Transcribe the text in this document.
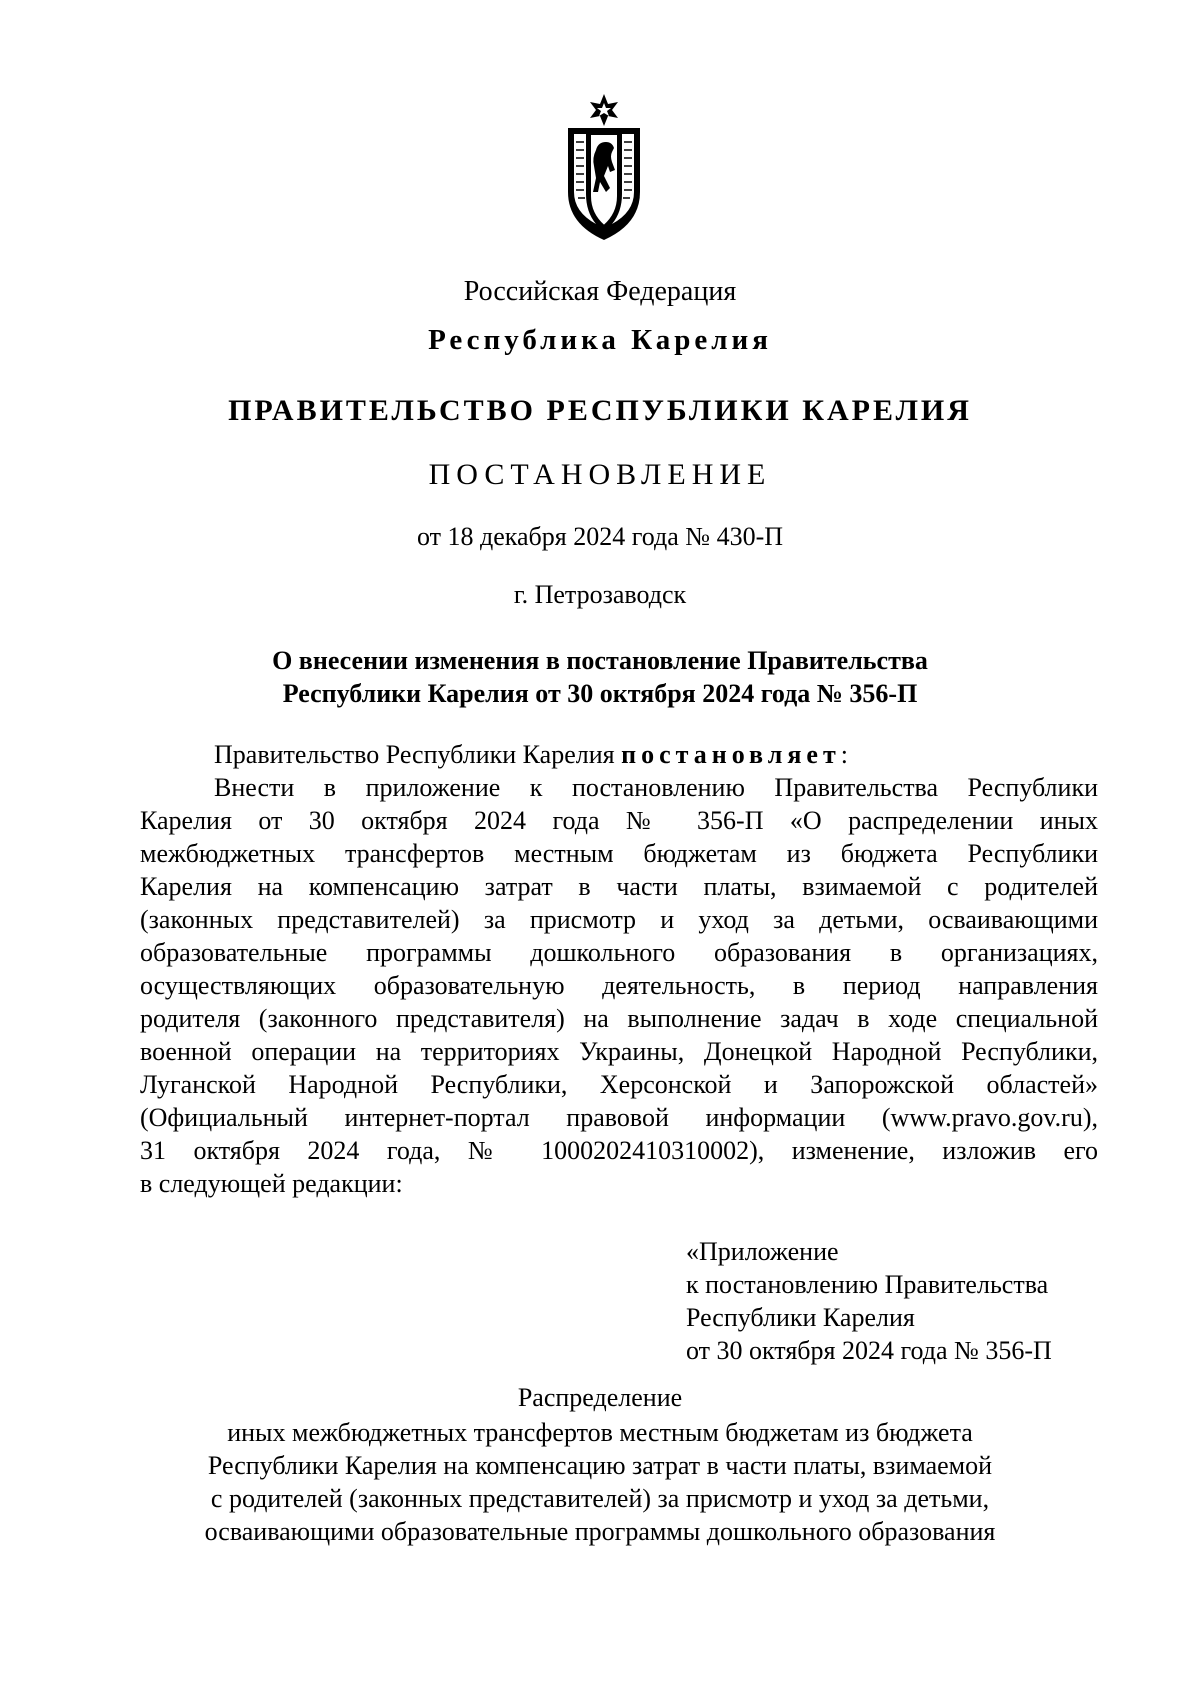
Российская Федерация
Республика Карелия
ПРАВИТЕЛЬСТВО РЕСПУБЛИКИ КАРЕЛИЯ
ПОСТАНОВЛЕНИЕ
от 18 декабря 2024 года № 430-П
г. Петрозаводск
О внесении изменения в постановление Правительства
Республики Карелия от 30 октября 2024 года № 356-П
Правительство Республики Карелия постановляет:
Внести в приложение к постановлению Правительства Республики
Карелия от 30 октября 2024 года № 356-П «О распределении иных
межбюджетных трансфертов местным бюджетам из бюджета Республики
Карелия на компенсацию затрат в части платы, взимаемой с родителей
(законных представителей) за присмотр и уход за детьми, осваивающими
образовательные программы дошкольного образования в организациях,
осуществляющих образовательную деятельность, в период направления
родителя (законного представителя) на выполнение задач в ходе специальной
военной операции на территориях Украины, Донецкой Народной Республики,
Луганской Народной Республики, Херсонской и Запорожской областей»
(Официальный интернет-портал правовой информации (www.pravo.gov.ru),
31 октября 2024 года, № 1000202410310002), изменение, изложив его
в следующей редакции:
«Приложение
к постановлению Правительства
Республики Карелия
от 30 октября 2024 года № 356-П
Распределение
иных межбюджетных трансфертов местным бюджетам из бюджета
Республики Карелия на компенсацию затрат в части платы, взимаемой
с родителей (законных представителей) за присмотр и уход за детьми,
осваивающими образовательные программы дошкольного образования
